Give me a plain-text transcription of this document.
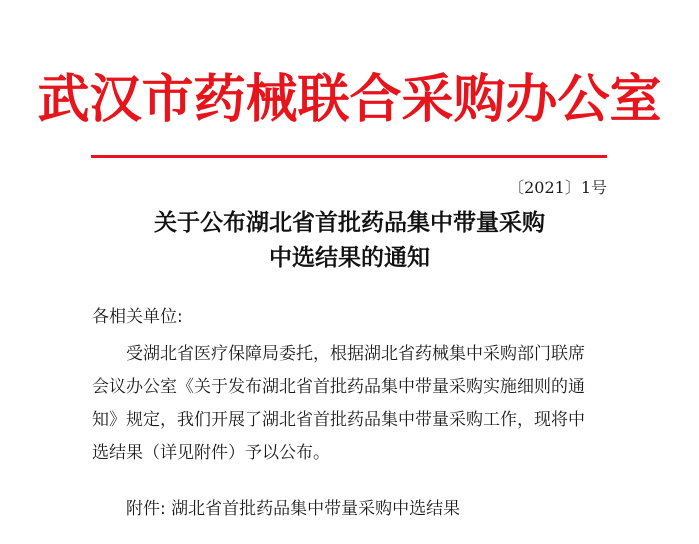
武汉市药械联合采购办公室
〔2021〕1号
关于公布湖北省首批药品集中带量采购
中选结果的通知
各相关单位:
受湖北省医疗保障局委托，根据湖北省药械集中采购部门联席
会议办公室《关于发布湖北省首批药品集中带量采购实施细则的通
知》规定，我们开展了湖北省首批药品集中带量采购工作，现将中
选结果（详见附件）予以公布。
附件: 湖北省首批药品集中带量采购中选结果
